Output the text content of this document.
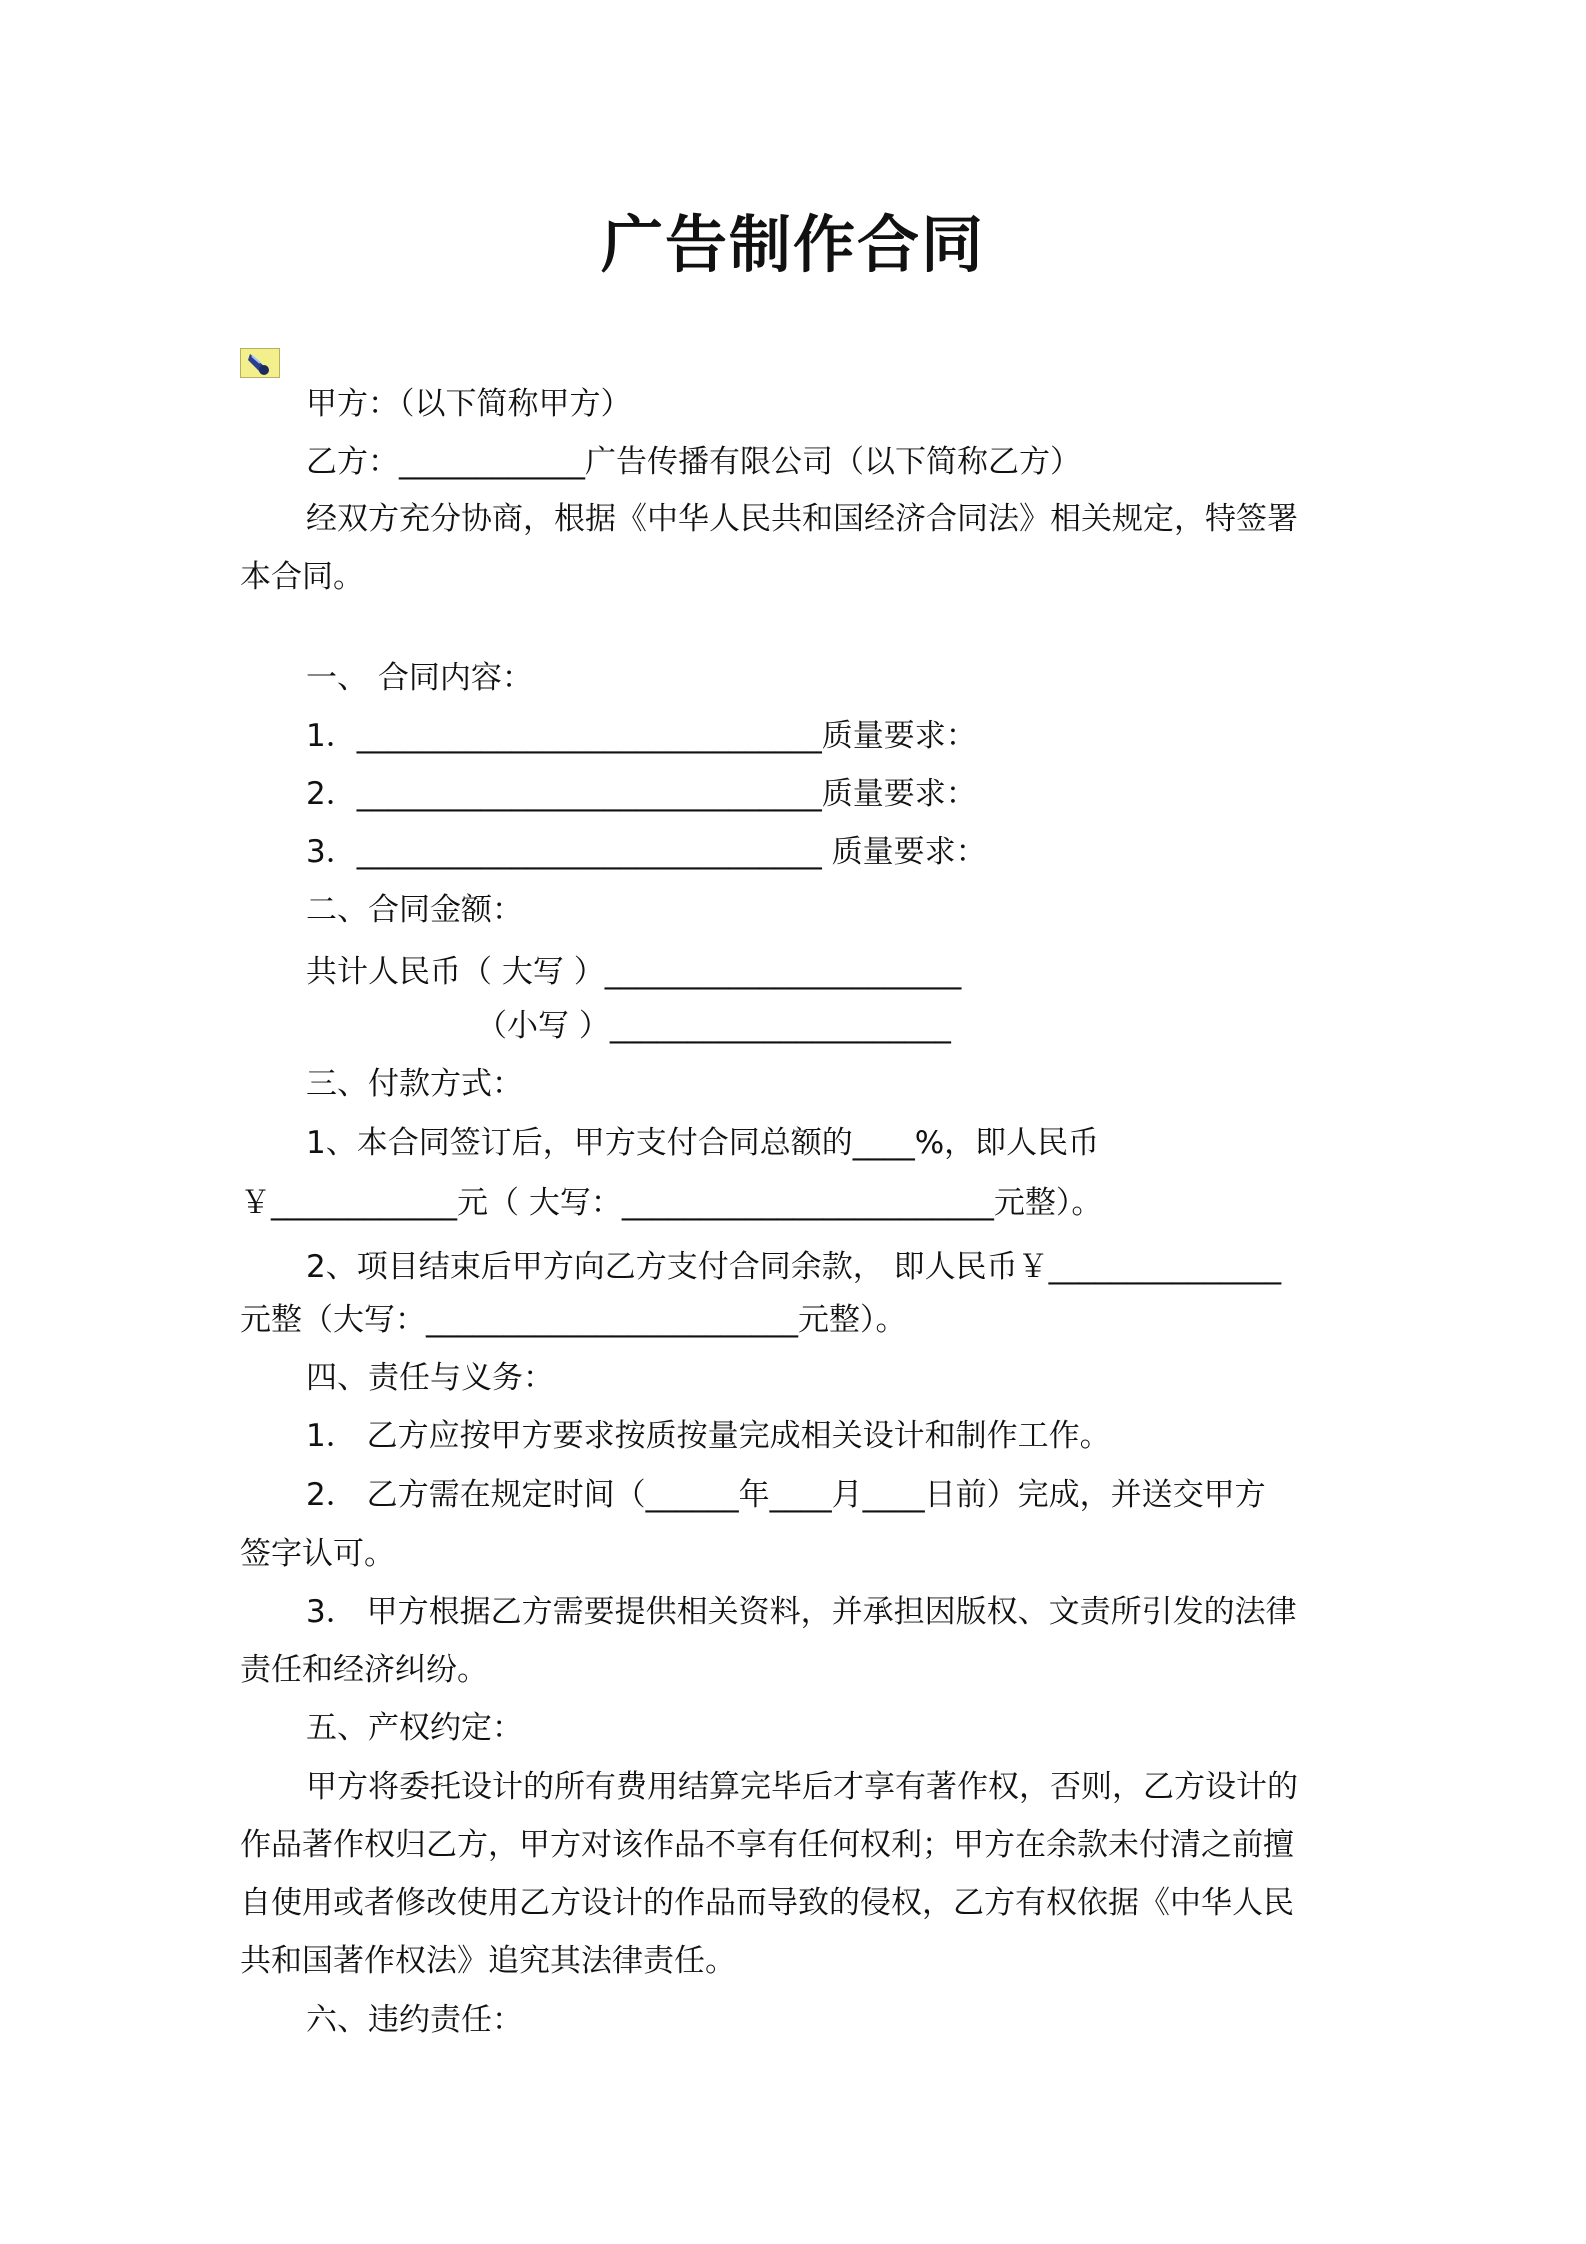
广告制作合同
甲方：（以下简称甲方）
乙方：____________广告传播有限公司（以下简称乙方）
经双方充分协商，根据《中华人民共和国经济合同法》相关规定，特签署
本合同。
一、 合同内容：
1．______________________________质量要求：
2．______________________________质量要求：
3．______________________________ 质量要求：
二、合同金额：
共计人民币（ 大写 ）_______________________
（小写 ）______________________
三、付款方式：
1、本合同签订后，甲方支付合同总额的____%，即人民币
￥____________元（ 大写：________________________元整）。
2、项目结束后甲方向乙方支付合同余款， 即人民币￥_______________
元整（大写：________________________元整）。
四、责任与义务：
1． 乙方应按甲方要求按质按量完成相关设计和制作工作。
2． 乙方需在规定时间（______年____月____日前）完成，并送交甲方
签字认可。
3． 甲方根据乙方需要提供相关资料，并承担因版权、文责所引发的法律
责任和经济纠纷。
五、产权约定：
甲方将委托设计的所有费用结算完毕后才享有著作权，否则，乙方设计的
作品著作权归乙方，甲方对该作品不享有任何权利；甲方在余款未付清之前擅
自使用或者修改使用乙方设计的作品而导致的侵权，乙方有权依据《中华人民
共和国著作权法》追究其法律责任。
六、违约责任：
